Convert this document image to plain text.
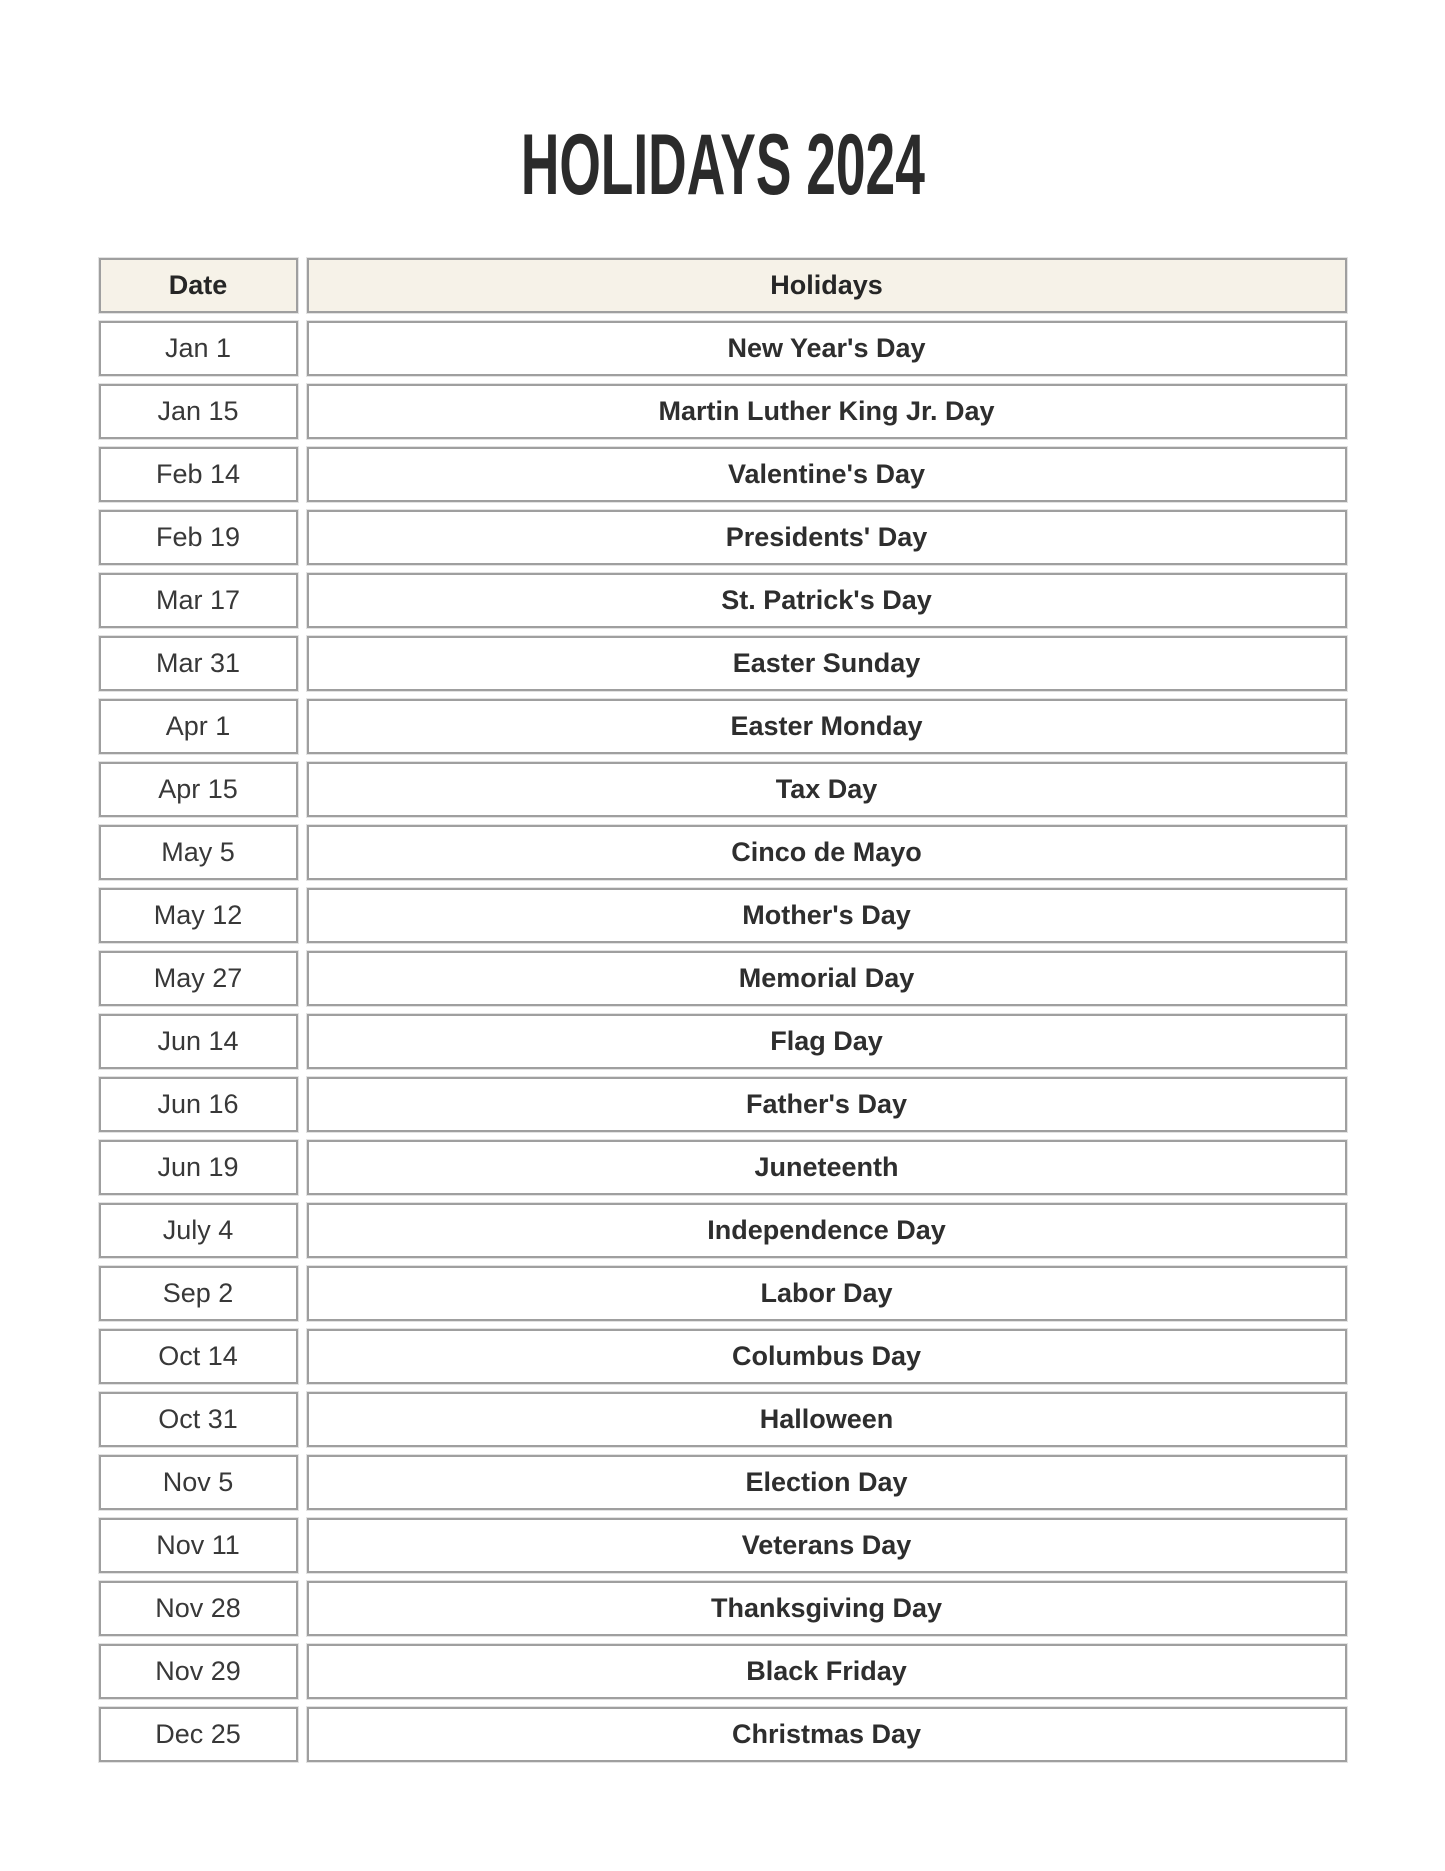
HOLIDAYS 2024
Date	Holidays
Jan 1	New Year's Day
Jan 15	Martin Luther King Jr. Day
Feb 14	Valentine's Day
Feb 19	Presidents' Day
Mar 17	St. Patrick's Day
Mar 31	Easter Sunday
Apr 1	Easter Monday
Apr 15	Tax Day
May 5	Cinco de Mayo
May 12	Mother's Day
May 27	Memorial Day
Jun 14	Flag Day
Jun 16	Father's Day
Jun 19	Juneteenth
July 4	Independence Day
Sep 2	Labor Day
Oct 14	Columbus Day
Oct 31	Halloween
Nov 5	Election Day
Nov 11	Veterans Day
Nov 28	Thanksgiving Day
Nov 29	Black Friday
Dec 25	Christmas Day
